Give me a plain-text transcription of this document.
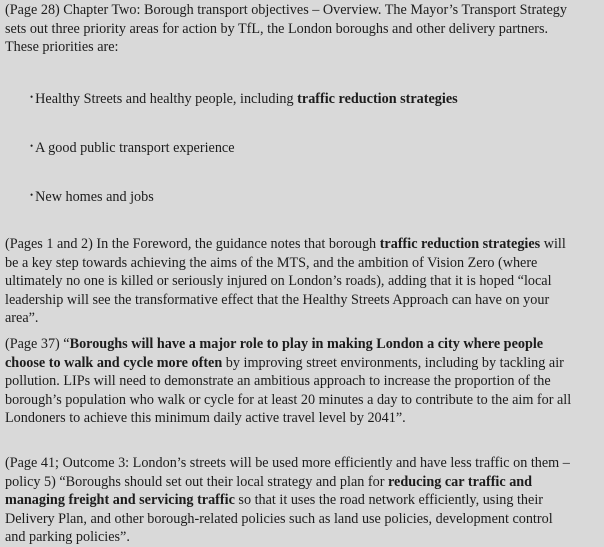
(Page 28) Chapter Two: Borough transport objectives – Overview. The Mayor’s Transport Strategy
sets out three priority areas for action by TfL, the London boroughs and other delivery partners.
These priorities are:

• Healthy Streets and healthy people, including traffic reduction strategies
• A good public transport experience
• New homes and jobs

(Pages 1 and 2) In the Foreword, the guidance notes that borough traffic reduction strategies will
be a key step towards achieving the aims of the MTS, and the ambition of Vision Zero (where
ultimately no one is killed or seriously injured on London’s roads), adding that it is hoped “local
leadership will see the transformative effect that the Healthy Streets Approach can have on your
area”.

(Page 37) “Boroughs will have a major role to play in making London a city where people
choose to walk and cycle more often by improving street environments, including by tackling air
pollution. LIPs will need to demonstrate an ambitious approach to increase the proportion of the
borough’s population who walk or cycle for at least 20 minutes a day to contribute to the aim for all
Londoners to achieve this minimum daily active travel level by 2041”.

(Page 41; Outcome 3: London’s streets will be used more efficiently and have less traffic on them –
policy 5) “Boroughs should set out their local strategy and plan for reducing car traffic and
managing freight and servicing traffic so that it uses the road network efficiently, using their
Delivery Plan, and other borough-related policies such as land use policies, development control
and parking policies”.
